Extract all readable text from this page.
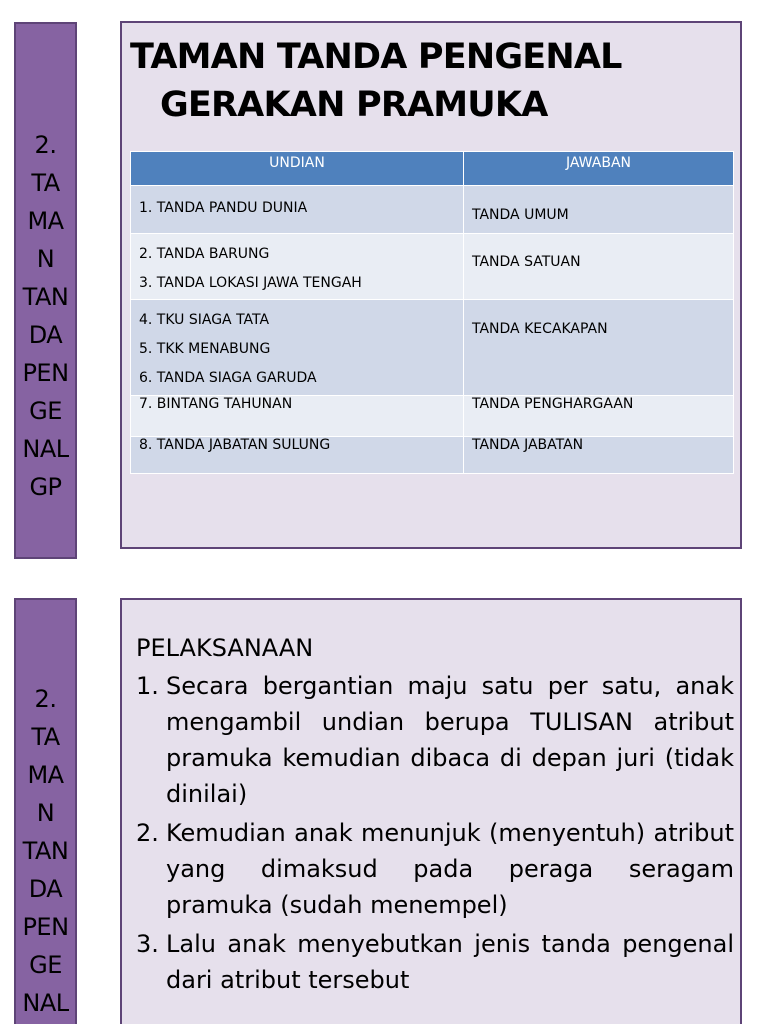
2.
TA
MA
N
TAN
DA
PEN
GE
NAL
GP
TAMAN TANDA PENGENAL
GERAKAN PRAMUKA
UNDIAN	JAWABAN

1. TANDA PANDU DUNIA	TANDA UMUM

2. TANDA BARUNG
3. TANDA LOKASI JAWA TENGAH	TANDA SATUAN

4. TKU SIAGA TATA
5. TKK MENABUNG
6. TANDA SIAGA GARUDA	TANDA KECAKAPAN

7. BINTANG TAHUNAN	TANDA PENGHARGAAN
8. TANDA JABATAN SULUNG	TANDA JABATAN
2.
TA
MA
N
TAN
DA
PEN
GE
NAL
PELAKSANAAN
1. Secara bergantian maju satu per satu, anak mengambil undian berupa TULISAN atribut pramuka kemudian dibaca di depan juri (tidak dinilai)
2. Kemudian anak menunjuk (menyentuh) atribut yang dimaksud pada peraga seragam pramuka (sudah menempel)
3. Lalu anak menyebutkan jenis tanda pengenal dari atribut tersebut
